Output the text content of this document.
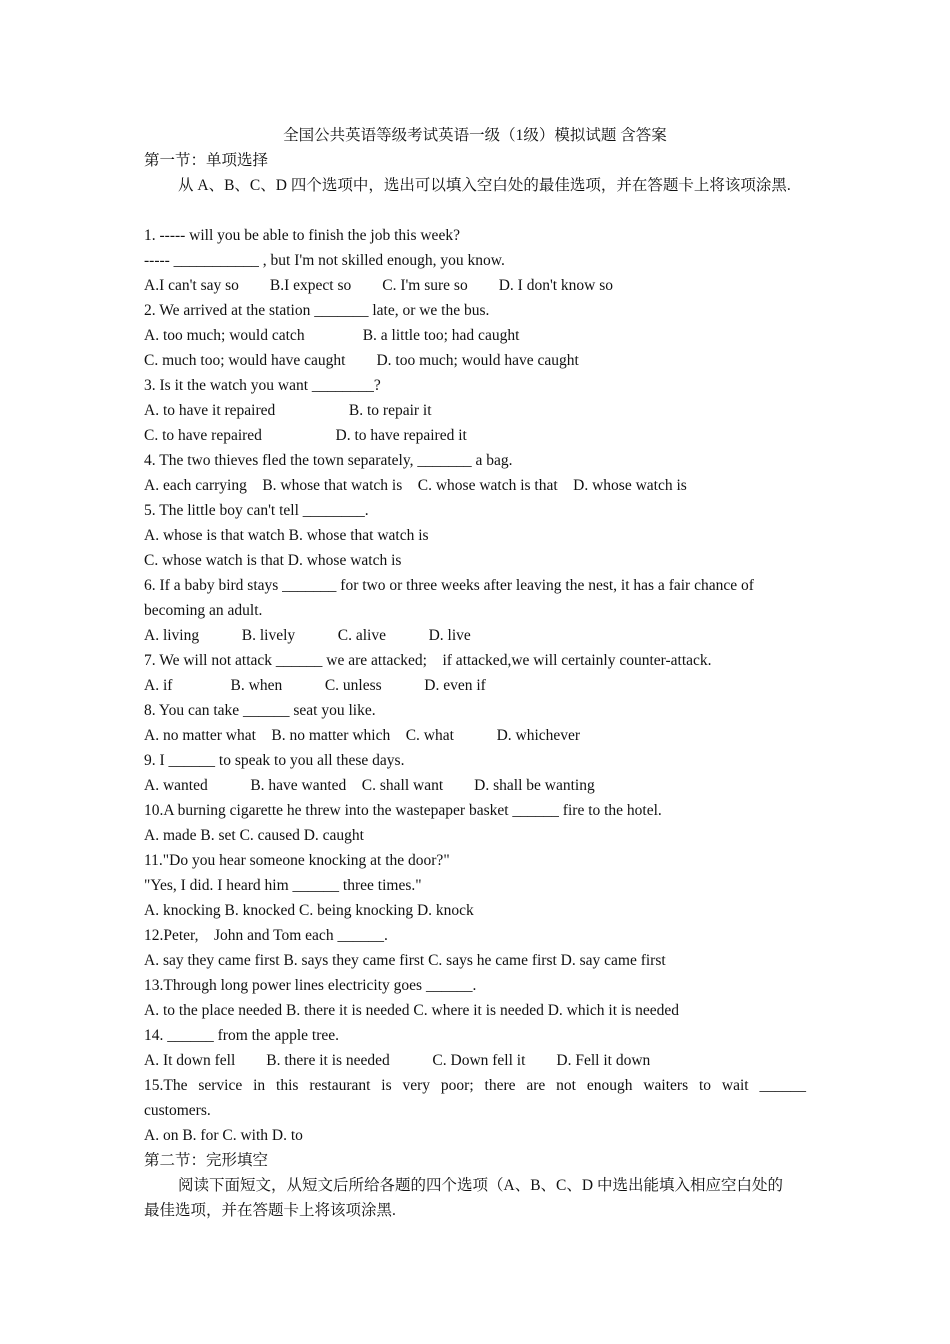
全国公共英语等级考试英语一级（1级）模拟试题 含答案
第一节：单项选择
从 A、B、C、D 四个选项中，选出可以填入空白处的最佳选项，并在答题卡上将该项涂黑.
1. ----- will you be able to finish the job this week?
----- ___________ , but I'm not skilled enough, you know.
A.I can't say so        B.I expect so        C. I'm sure so        D. I don't know so
2. We arrived at the station _______ late, or we the bus.
A. too much; would catch               B. a little too; had caught
C. much too; would have caught        D. too much; would have caught
3. Is it the watch you want ________?
A. to have it repaired                   B. to repair it
C. to have repaired                   D. to have repaired it
4. The two thieves fled the town separately, _______ a bag.
A. each carrying    B. whose that watch is    C. whose watch is that    D. whose watch is
5. The little boy can't tell ________.
A. whose is that watch B. whose that watch is
C. whose watch is that D. whose watch is
6. If a baby bird stays _______ for two or three weeks after leaving the nest, it has a fair chance of
becoming an adult.
A. living           B. lively           C. alive           D. live
7. We will not attack ______ we are attacked;    if attacked,we will certainly counter-attack.
A. if               B. when           C. unless           D. even if
8. You can take ______ seat you like.
A. no matter what    B. no matter which    C. what           D. whichever
9. I ______ to speak to you all these days.
A. wanted           B. have wanted    C. shall want        D. shall be wanting
10.A burning cigarette he threw into the wastepaper basket ______ fire to the hotel.
A. made B. set C. caused D. caught
11."Do you hear someone knocking at the door?"
"Yes, I did. I heard him ______ three times."
A. knocking B. knocked C. being knocking D. knock
12.Peter,    John and Tom each ______.
A. say they came first B. says they came first C. says he came first D. say came first
13.Through long power lines electricity goes ______.
A. to the place needed B. there it is needed C. where it is needed D. which it is needed
14. ______ from the apple tree.
A. It down fell        B. there it is needed           C. Down fell it        D. Fell it down
15.The service in this restaurant is very poor; there are not enough waiters to wait ______
customers.
A. on B. for C. with D. to
第二节：完形填空
阅读下面短文，从短文后所给各题的四个选项（A、B、C、D 中选出能填入相应空白处的
最佳选项，并在答题卡上将该项涂黑.
